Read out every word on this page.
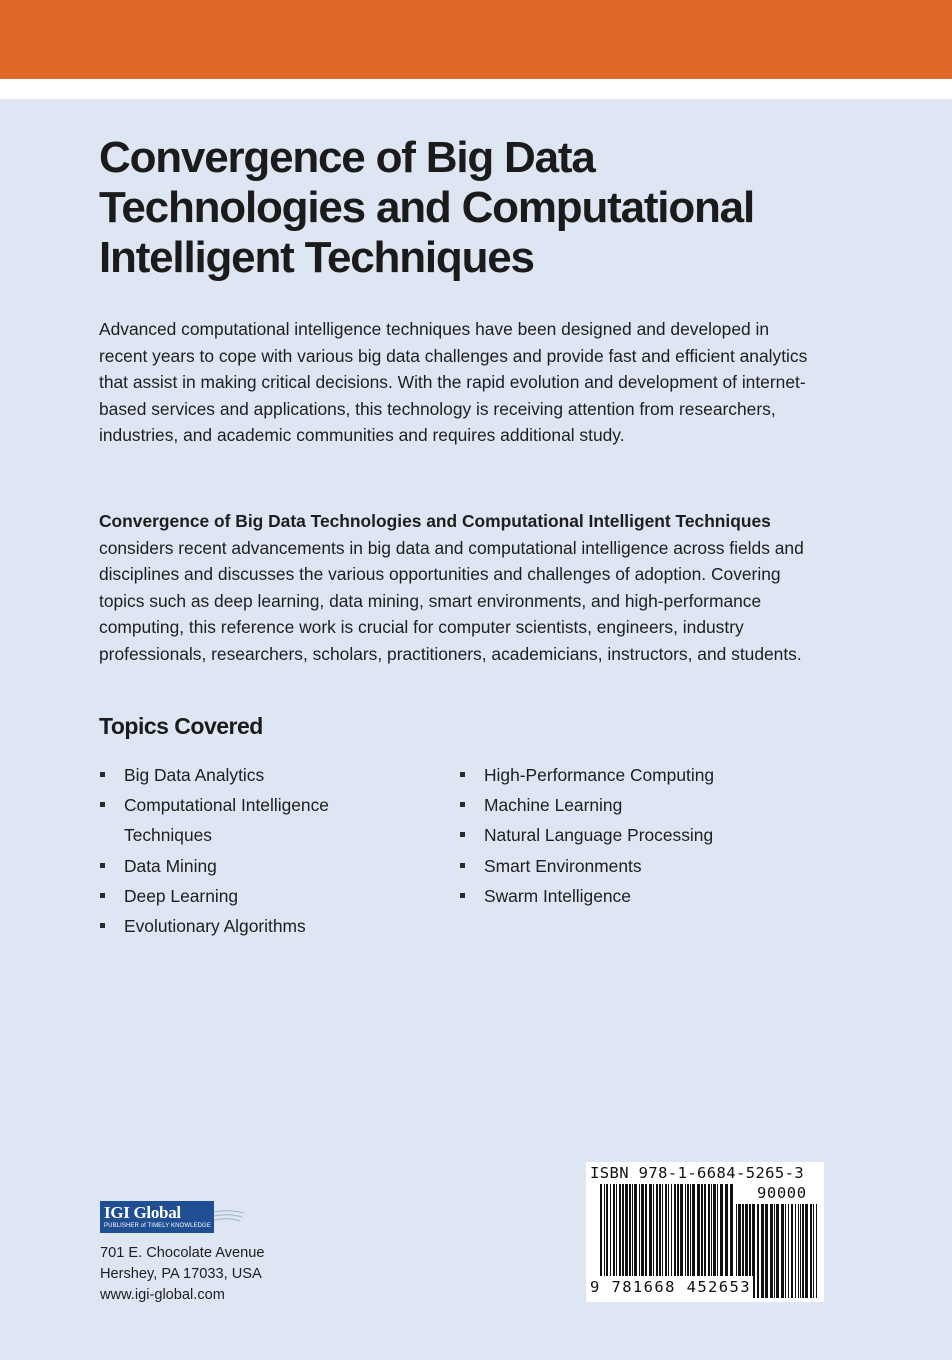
Convergence of Big Data Technologies and Computational Intelligent Techniques

Advanced computational intelligence techniques have been designed and developed in recent years to cope with various big data challenges and provide fast and efficient analytics that assist in making critical decisions. With the rapid evolution and development of internet-based services and applications, this technology is receiving attention from researchers, industries, and academic communities and requires additional study.

Convergence of Big Data Technologies and Computational Intelligent Techniques considers recent advancements in big data and computational intelligence across fields and disciplines and discusses the various opportunities and challenges of adoption. Covering topics such as deep learning, data mining, smart environments, and high-performance computing, this reference work is crucial for computer scientists, engineers, industry professionals, researchers, scholars, practitioners, academicians, instructors, and students.

Topics Covered
Big Data Analytics
Computational Intelligence Techniques
Data Mining
Deep Learning
Evolutionary Algorithms
High-Performance Computing
Machine Learning
Natural Language Processing
Smart Environments
Swarm Intelligence
IGI Global
PUBLISHER of TIMELY KNOWLEDGE
701 E. Chocolate Avenue
Hershey, PA 17033, USA
www.igi-global.com
ISBN 978-1-6684-5265-3
90000
9 781668 452653
